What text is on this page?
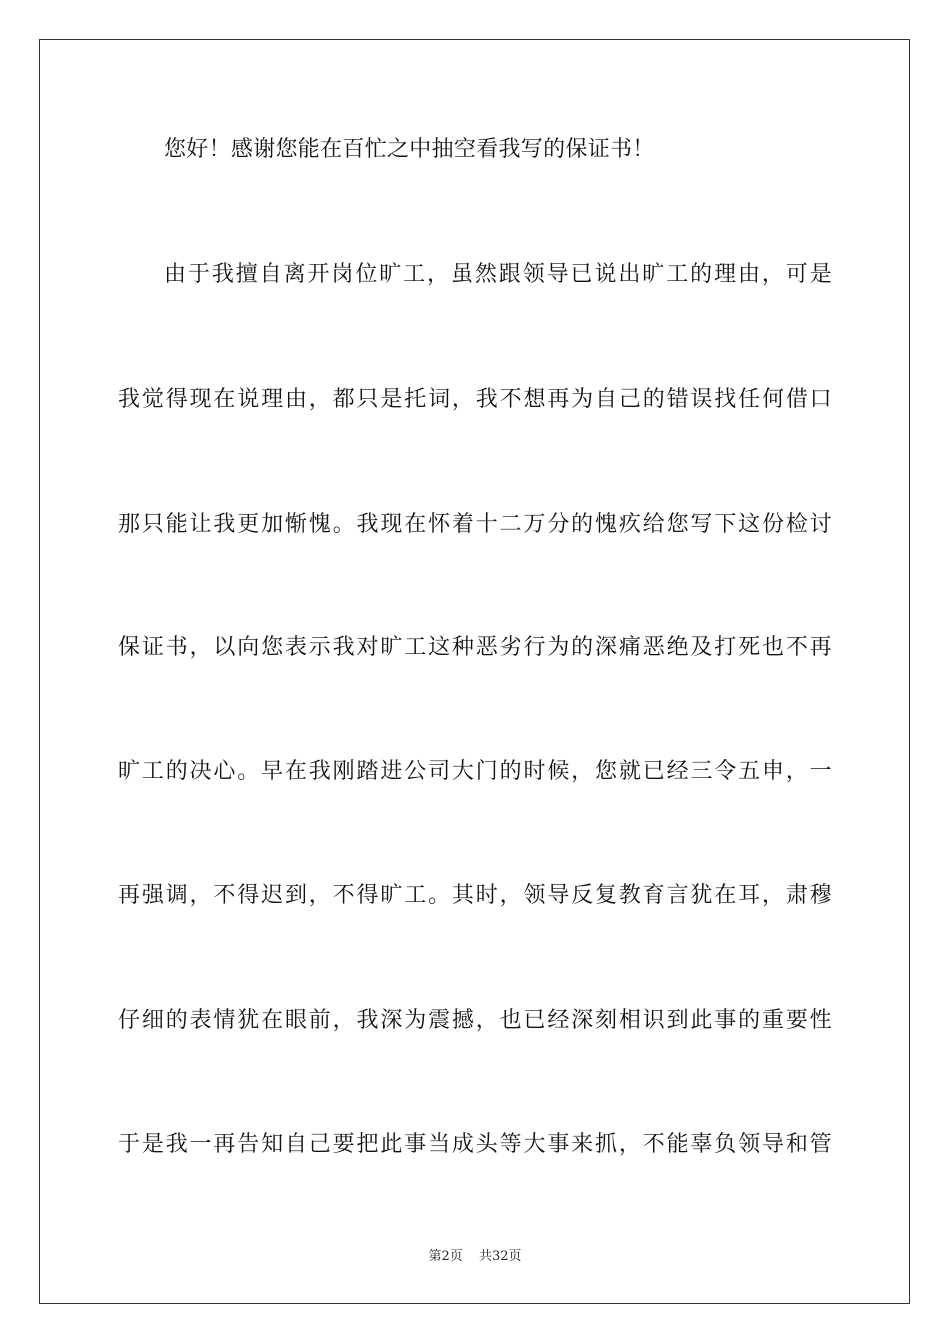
您好！感谢您能在百忙之中抽空看我写的保证书！
由于我擅自离开岗位旷工，虽然跟领导已说出旷工的理由，可是
我觉得现在说理由，都只是托词，我不想再为自己的错误找任何借口
那只能让我更加惭愧。我现在怀着十二万分的愧疚给您写下这份检讨
保证书，以向您表示我对旷工这种恶劣行为的深痛恶绝及打死也不再
旷工的决心。早在我刚踏进公司大门的时候，您就已经三令五申，一
再强调，不得迟到，不得旷工。其时，领导反复教育言犹在耳，肃穆
仔细的表情犹在眼前，我深为震撼，也已经深刻相识到此事的重要性
于是我一再告知自己要把此事当成头等大事来抓，不能辜负领导和管
第2页 共32页
